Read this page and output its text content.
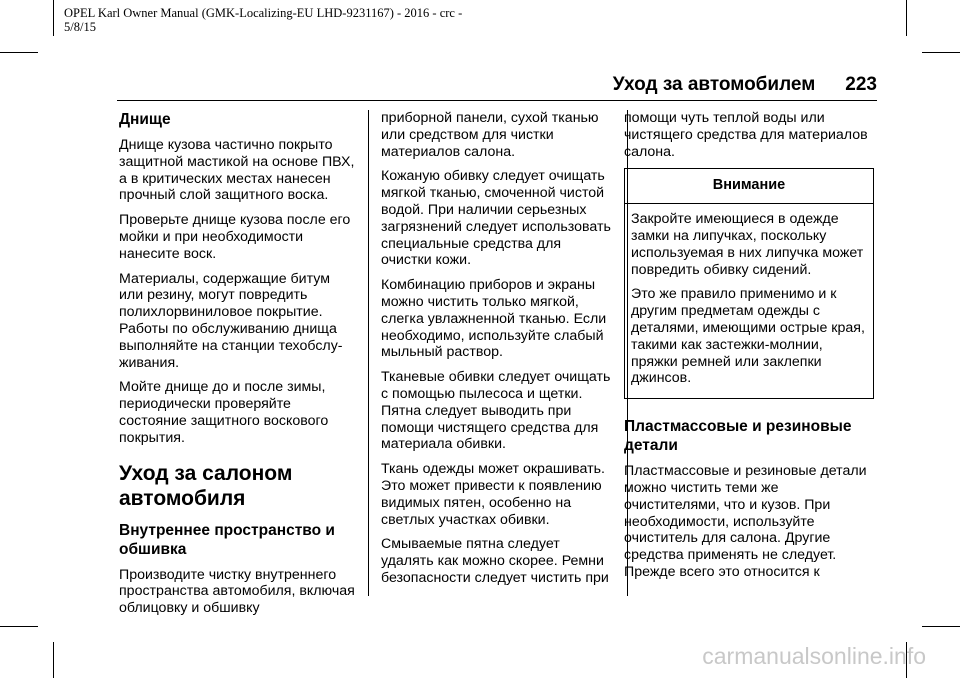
OPEL Karl Owner Manual (GMK-Localizing-EU LHD-9231167) - 2016 - crc -
5/8/15
Уход за автомобилем 223
Днище

Днище кузова частично покрыто защитной мастикой на основе ПВХ, а в критических местах нанесен прочный слой защитного воска.

Проверьте днище кузова после его мойки и при необходимости нанесите воск.

Материалы, содержащие битум или резину, могут повредить полихлорвиниловое покрытие. Работы по обслуживанию днища выполняйте на станции техобслу-живания.

Мойте днище до и после зимы, периодически проверяйте состояние защитного воскового покрытия.

Уход за салоном автомобиля
Внутреннее пространство и обшивка

Производите чистку внутреннего пространства автомобиля, включая облицовку и обшивку

приборной панели, сухой тканью или средством для чистки материалов салона.

Кожаную обивку следует очищать мягкой тканью, смоченной чистой водой. При наличии серьезных загрязнений следует использовать специальные средства для очистки кожи.

Комбинацию приборов и экраны можно чистить только мягкой, слегка увлажненной тканью. Если необходимо, используйте слабый мыльный раствор.

Тканевые обивки следует очищать с помощью пылесоса и щетки. Пятна следует выводить при помощи чистящего средства для материала обивки.

Ткань одежды может окрашивать. Это может привести к появлению видимых пятен, особенно на светлых участках обивки.

Смываемые пятна следует удалять как можно скорее. Ремни безопасности следует чистить при

помощи чуть теплой воды или чистящего средства для материалов салона.

Внимание

Закройте имеющиеся в одежде замки на липучках, поскольку используемая в них липучка может повредить обивку сидений.

Это же правило применимо и к другим предметам одежды с деталями, имеющими острые края, такими как застежки-молнии, пряжки ремней или заклепки джинсов.

Пластмассовые и резиновые детали

Пластмассовые и резиновые детали можно чистить теми же очистителями, что и кузов. При необходимости, используйте очиститель для салона. Другие средства применять не следует. Прежде всего это относится к

carmanualsonline.info
